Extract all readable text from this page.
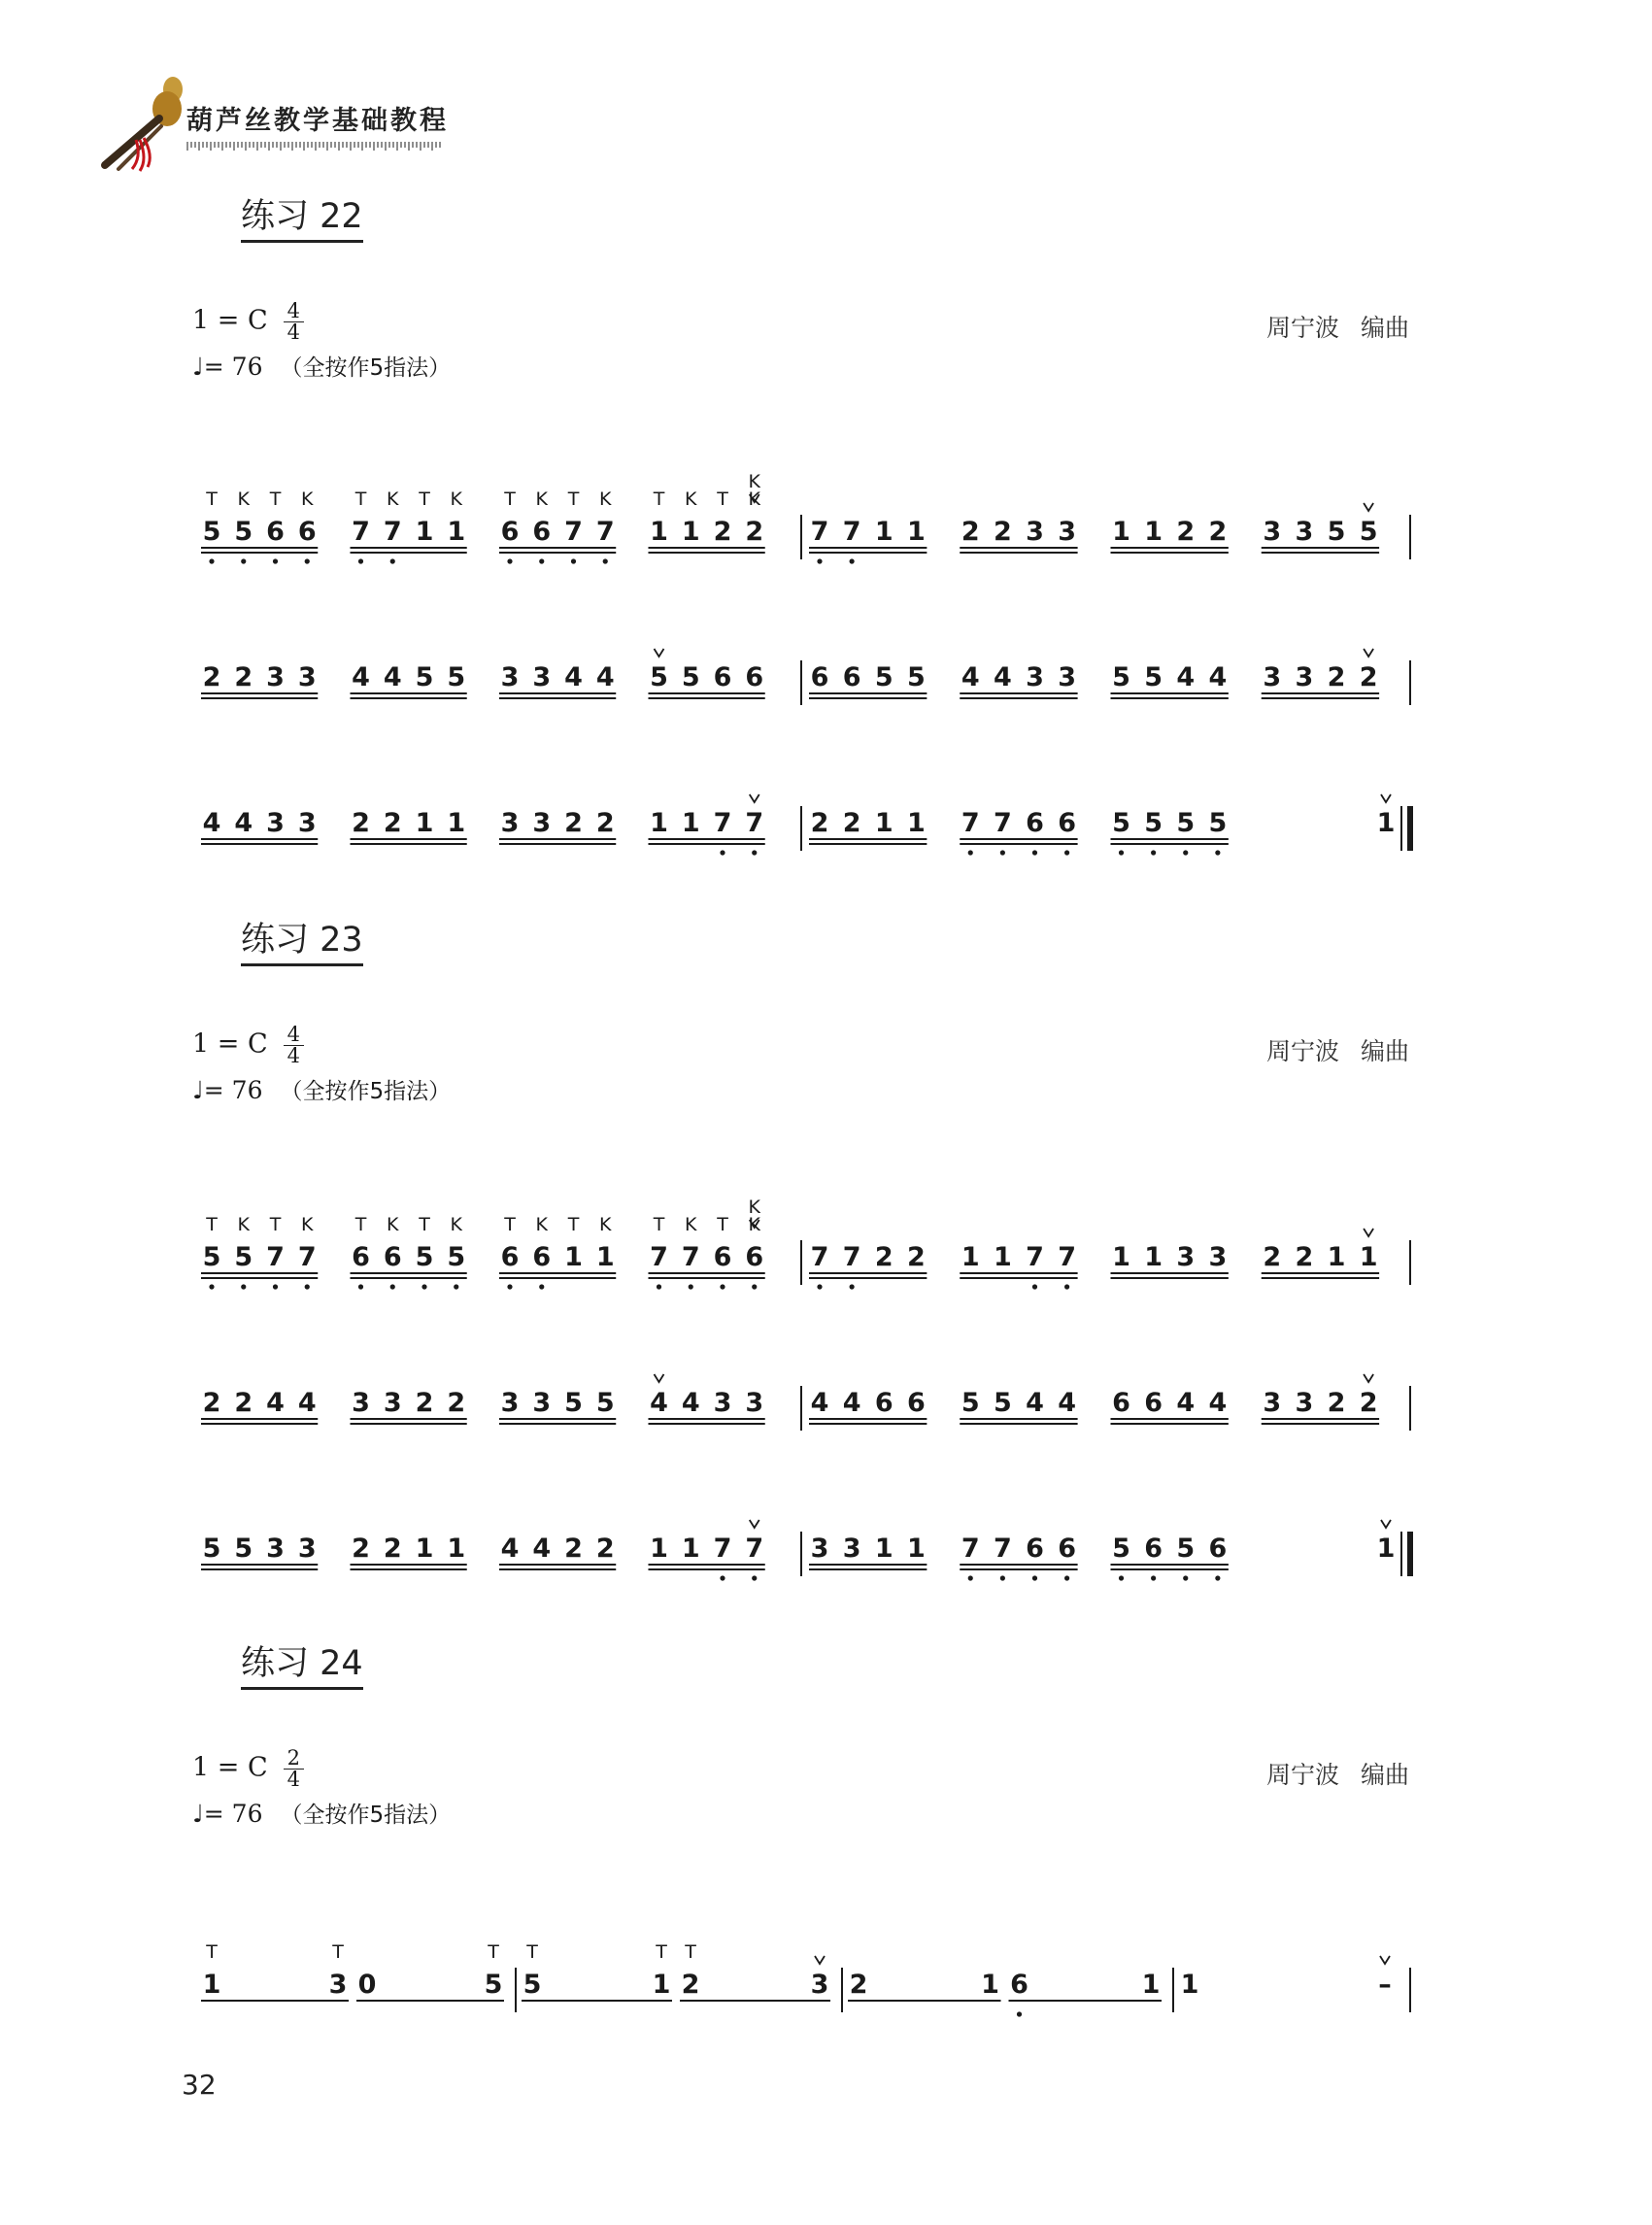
葫芦丝教学基础教程
练习 22
1 = C $\frac{4}{4}$
♩= 76 （全按作5指法）
周宁波 编曲
练习 23
1 = C $\frac{4}{4}$
♩= 76 （全按作5指法）
周宁波 编曲
练习 24
1 = C $\frac{2}{4}$
♩= 76 （全按作5指法）
周宁波 编曲
5
T
5
K
6
T
6
K
7
T
7
K
1
T
1
K
6
T
6
K
7
T
7
K
1
T
1
K
2
T
2
K
K
7 7 1 1 2 2 3 3 1 1 2 2 3 3 5 5
2 2 3 3 4 4 5 5 3 3 4 4 5 5 6 6 6 6 5 5 4 4 3 3 5 5 4 4 3 3 2 2
4 4 3 3 2 2 1 1 3 3 2 2 1 1 7 7 2 2 1 1 7 7 6 6 5 5 5 5	1
5
T
5
K
7
T
7
K
6
T
6
K
5
T
5
K
6
T
6
K
1
T
1
K
7
T
7
K
6
T
6
K
K
7 7 2 2 1 1 7 7 1 1 3 3 2 2 1 1
2 2 4 4 3 3 2 2 3 3 5 5 4 4 3 3 4 4 6 6 5 5 4 4 6 6 4 4 3 3 2 2
5 5 3 3 2 2 1 1 4 4 2 2 1 1 7 7 3 3 1 1 7 7 6 6 5 6 5 6	1
1
T
3
T
0	5
T
5
T
1
T
2
T
3 2	1 6	1 1	–
32
